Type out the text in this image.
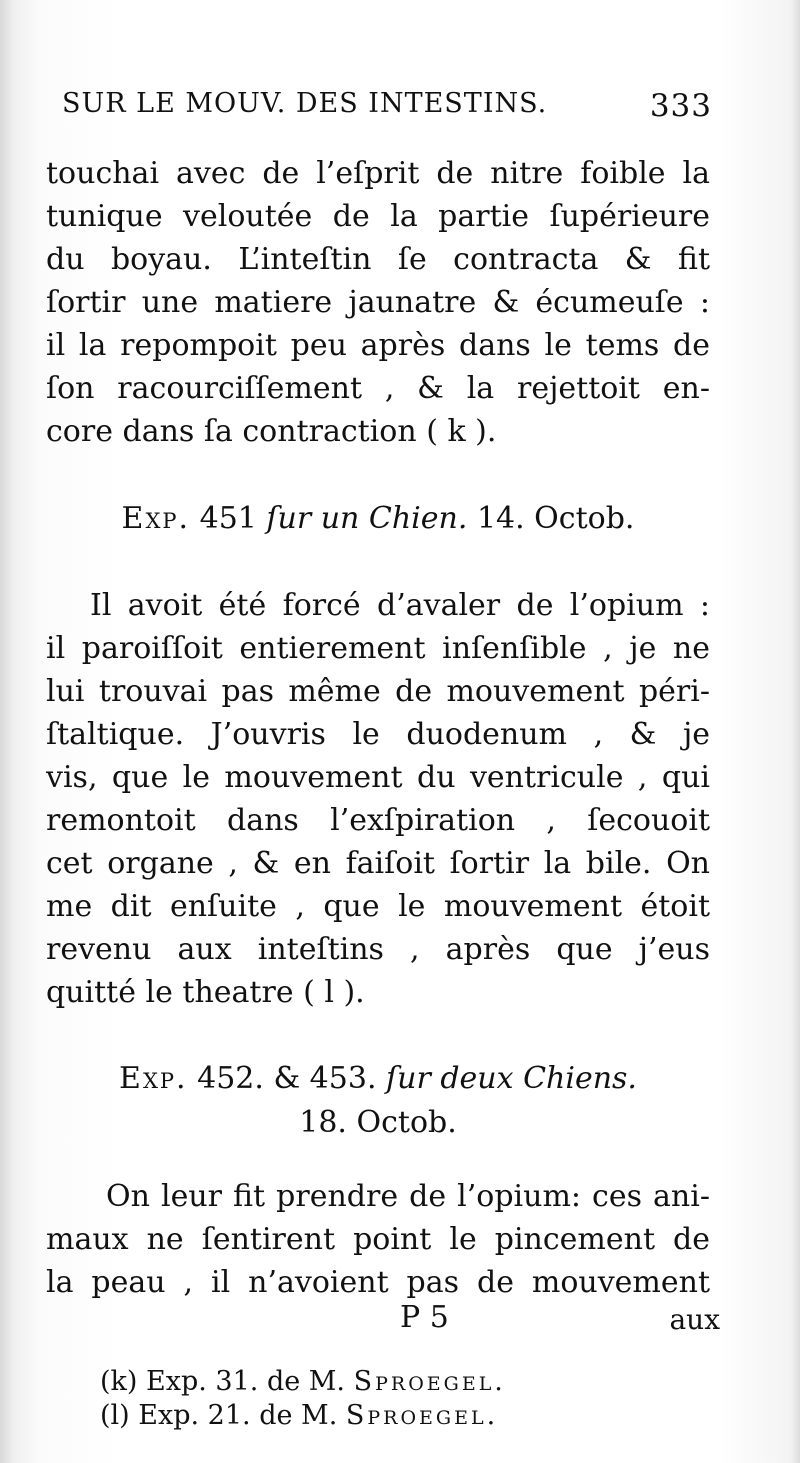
SUR LE MOUV. DES INTESTINS.	333
touchai avec de l’eſprit de nitre foible la
tunique veloutée de la partie ſupérieure
du boyau. L’inteſtin ſe contracta & fit
ſortir une matiere jaunatre & écumeuſe :
il la repompoit peu après dans le tems de
ſon racourciſſement , & la rejettoit en-
core dans ſa contraction ( k ).
Exp. 451 ſur un Chien. 14. Octob.
Il avoit été forcé d’avaler de l’opium :
il paroiſſoit entierement inſenſible , je ne
lui trouvai pas même de mouvement péri-
ſtaltique. J’ouvris le duodenum , & je
vis, que le mouvement du ventricule , qui
remontoit dans l’exſpiration , ſecouoit
cet organe , & en faiſoit ſortir la bile. On
me dit enſuite , que le mouvement étoit
revenu aux inteſtins , après que j’eus
quitté le theatre ( l ).
Exp. 452. & 453. ſur deux Chiens.
18. Octob.
On leur fit prendre de l’opium: ces ani-
maux ne ſentirent point le pincement de
la peau , il n’avoient pas de mouvement
P 5	aux
(k) Exp. 31. de M. Sproegel.
(l) Exp. 21. de M. Sproegel.
